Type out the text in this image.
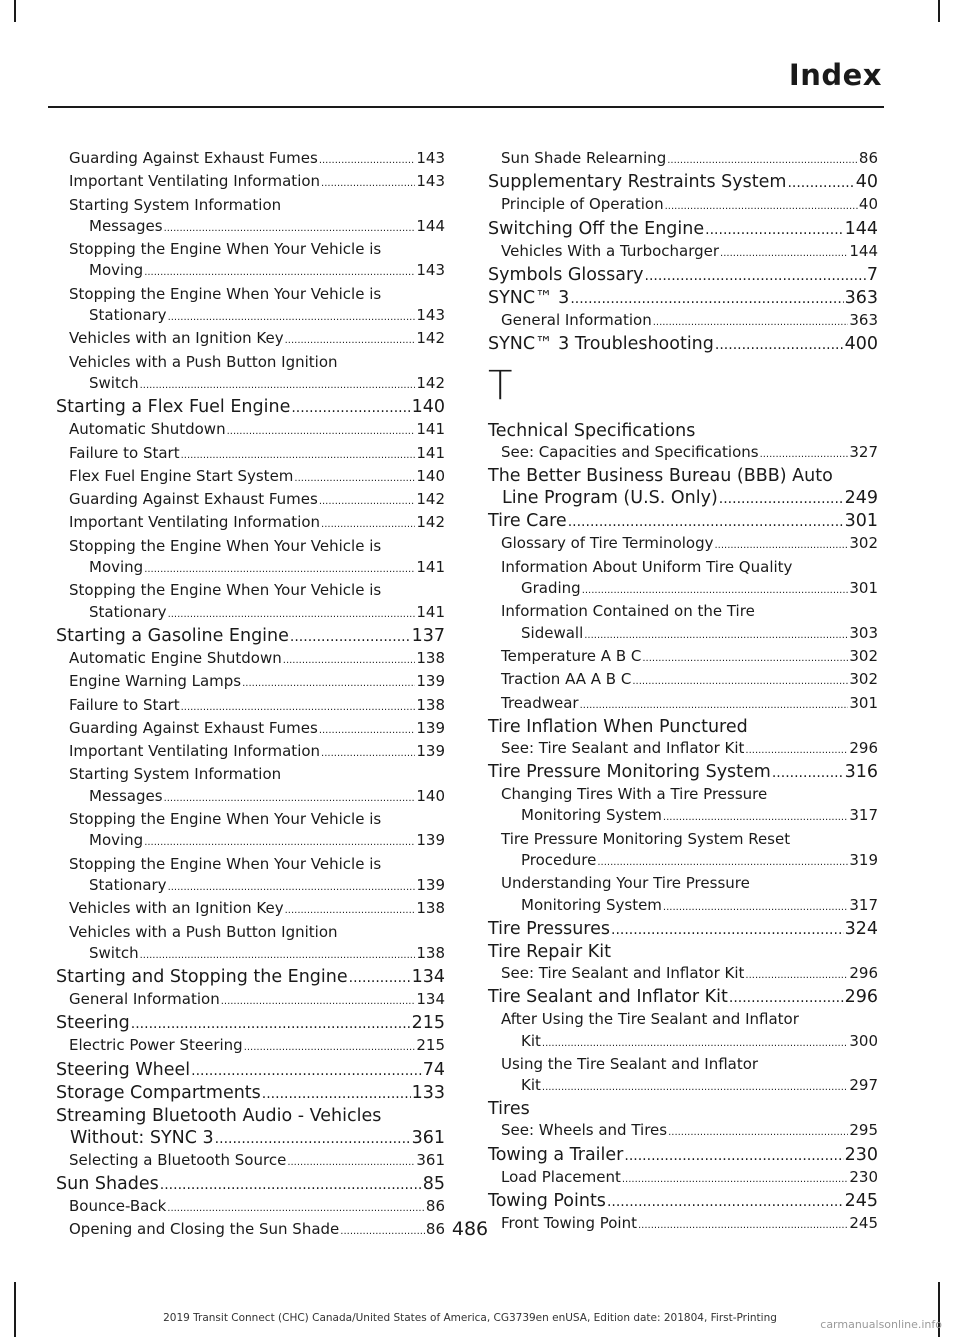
Index
Guarding Against Exhaust Fumes .....	143
Important Ventilating Information .....	143
Starting System Information
Messages .....	144
Stopping the Engine When Your Vehicle is
Moving .....	143
Stopping the Engine When Your Vehicle is
Stationary .....	143
Vehicles with an Ignition Key .....	142
Vehicles with a Push Button Ignition
Switch .....	142
Starting a Flex Fuel Engine .....	140
Automatic Shutdown .....	141
Failure to Start .....	141
Flex Fuel Engine Start System .....	140
Guarding Against Exhaust Fumes .....	142
Important Ventilating Information .....	142
Stopping the Engine When Your Vehicle is
Moving .....	141
Stopping the Engine When Your Vehicle is
Stationary .....	141
Starting a Gasoline Engine .....	137
Automatic Engine Shutdown .....	138
Engine Warning Lamps .....	139
Failure to Start .....	138
Guarding Against Exhaust Fumes .....	139
Important Ventilating Information .....	139
Starting System Information
Messages .....	140
Stopping the Engine When Your Vehicle is
Moving .....	139
Stopping the Engine When Your Vehicle is
Stationary .....	139
Vehicles with an Ignition Key .....	138
Vehicles with a Push Button Ignition
Switch .....	138
Starting and Stopping the Engine .....	134
General Information .....	134
Steering .....	215
Electric Power Steering .....	215
Steering Wheel .....	74
Storage Compartments .....	133
Streaming Bluetooth Audio - Vehicles
Without: SYNC 3 .....	361
Selecting a Bluetooth Source .....	361
Sun Shades .....	85
Bounce-Back .....	86
Opening and Closing the Sun Shade .....	86
Sun Shade Relearning .....	86
Supplementary Restraints System .....	40
Principle of Operation .....	40
Switching Off the Engine .....	144
Vehicles With a Turbocharger .....	144
Symbols Glossary .....	7
SYNC™ 3 .....	363
General Information .....	363
SYNC™ 3 Troubleshooting .....	400
T
Technical Specifications
See: Capacities and Specifications .....	327
The Better Business Bureau (BBB) Auto
Line Program (U.S. Only) .....	249
Tire Care .....	301
Glossary of Tire Terminology .....	302
Information About Uniform Tire Quality
Grading .....	301
Information Contained on the Tire
Sidewall .....	303
Temperature A B C .....	302
Traction AA A B C .....	302
Treadwear .....	301
Tire Inflation When Punctured
See: Tire Sealant and Inflator Kit .....	296
Tire Pressure Monitoring System .....	316
Changing Tires With a Tire Pressure
Monitoring System .....	317
Tire Pressure Monitoring System Reset
Procedure .....	319
Understanding Your Tire Pressure
Monitoring System .....	317
Tire Pressures .....	324
Tire Repair Kit
See: Tire Sealant and Inflator Kit .....	296
Tire Sealant and Inflator Kit .....	296
After Using the Tire Sealant and Inflator
Kit .....	300
Using the Tire Sealant and Inflator
Kit .....	297
Tires
See: Wheels and Tires .....	295
Towing a Trailer .....	230
Load Placement .....	230
Towing Points .....	245
Front Towing Point .....	245
486
2019 Transit Connect (CHC) Canada/United States of America, CG3739en enUSA, Edition date: 201804, First-Printing	carmanualsonline.info
